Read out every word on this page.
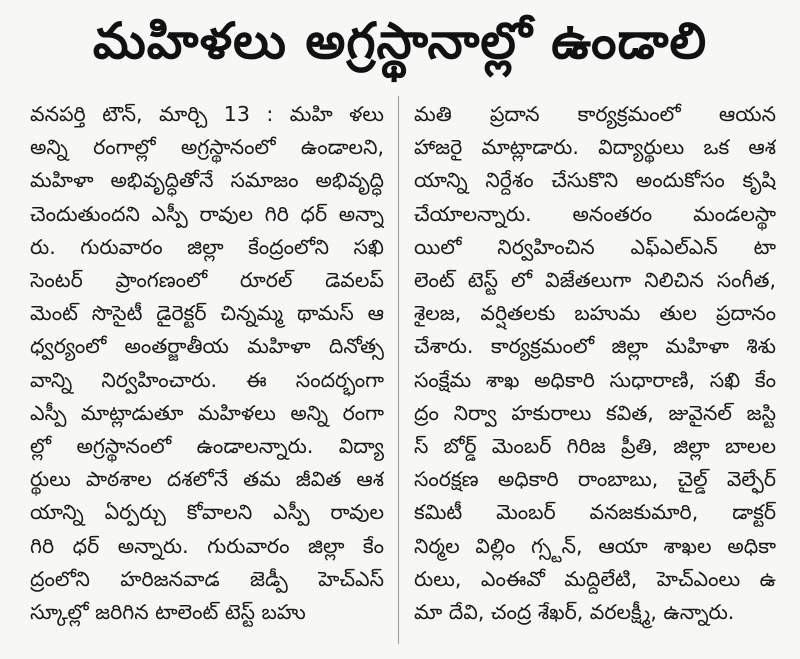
మహిళలు అగ్రస్థానాల్లో ఉండాలి
వనపర్తి టౌన్, మార్చి 13 : మహి ళలు
అన్ని రంగాల్లో అగ్రస్థానంలో ఉండాలని,
మహిళా అభివృద్ధితోనే సమాజం అభివృద్ధి
చెందుతుందని ఎస్పీ రావుల గిరి ధర్ అన్నా
రు. గురువారం జిల్లా కేంద్రంలోని సఖి
సెంటర్ ప్రాంగణంలో రూరల్ డెవలప్
మెంట్ సొసైటీ డైరెక్టర్ చిన్నమ్మ థామస్ ఆ
ధ్వర్యంలో అంతర్జాతీయ మహిళా దినోత్స
వాన్ని నిర్వహించారు. ఈ సందర్భంగా
ఎస్పీ మాట్లాడుతూ మహిళలు అన్ని రంగా
ల్లో అగ్రస్థానంలో ఉండాలన్నారు. విద్యా
ర్థులు పాఠశాల దశలోనే తమ జీవిత ఆశ
యాన్ని ఏర్పర్చు కోవాలని ఎస్పీ రావుల
గిరి ధర్ అన్నారు. గురువారం జిల్లా కేం
ద్రంలోని హరిజనవాడ జెడ్పీ హెచ్ఎస్
స్కూల్లో జరిగిన టాలెంట్ టెస్ట్ బహు
మతి ప్రదాన కార్యక్రమంలో ఆయన
హాజరై మాట్లాడారు. విద్యార్థులు ఒక ఆశ
యాన్ని నిర్దేశం చేసుకొని అందుకోసం కృషి
చేయాలన్నారు. అనంతరం మండలస్థా
యిలో నిర్వహించిన ఎఫ్ఎల్ఎన్ టా
లెంట్ టెస్ట్ లో విజేతలుగా నిలిచిన సంగీత,
శైలజ, వర్షితలకు బహుమ తుల ప్రదానం
చేశారు. కార్యక్రమంలో జిల్లా మహిళా శిశు
సంక్షేమ శాఖ అధికారి సుధారాణి, సఖి కేం
ద్రం నిర్వా హకురాలు కవిత, జువైనల్ జస్టి
స్ బోర్డ్ మెంబర్ గిరిజ ప్రీతి, జిల్లా బాలల
సంరక్షణ అధికారి రాంబాబు, చైల్డ్ వెల్ఫేర్
కమిటీ మెంబర్ వనజకుమారి, డాక్టర్
నిర్మల విల్లిం గ్స్టన్, ఆయా శాఖల అధికా
రులు, ఎంఈవో మద్దిలేటి, హెచ్ఎంలు ఉ
మా దేవి, చంద్ర శేఖర్, వరలక్ష్మీ, ఉన్నారు.
